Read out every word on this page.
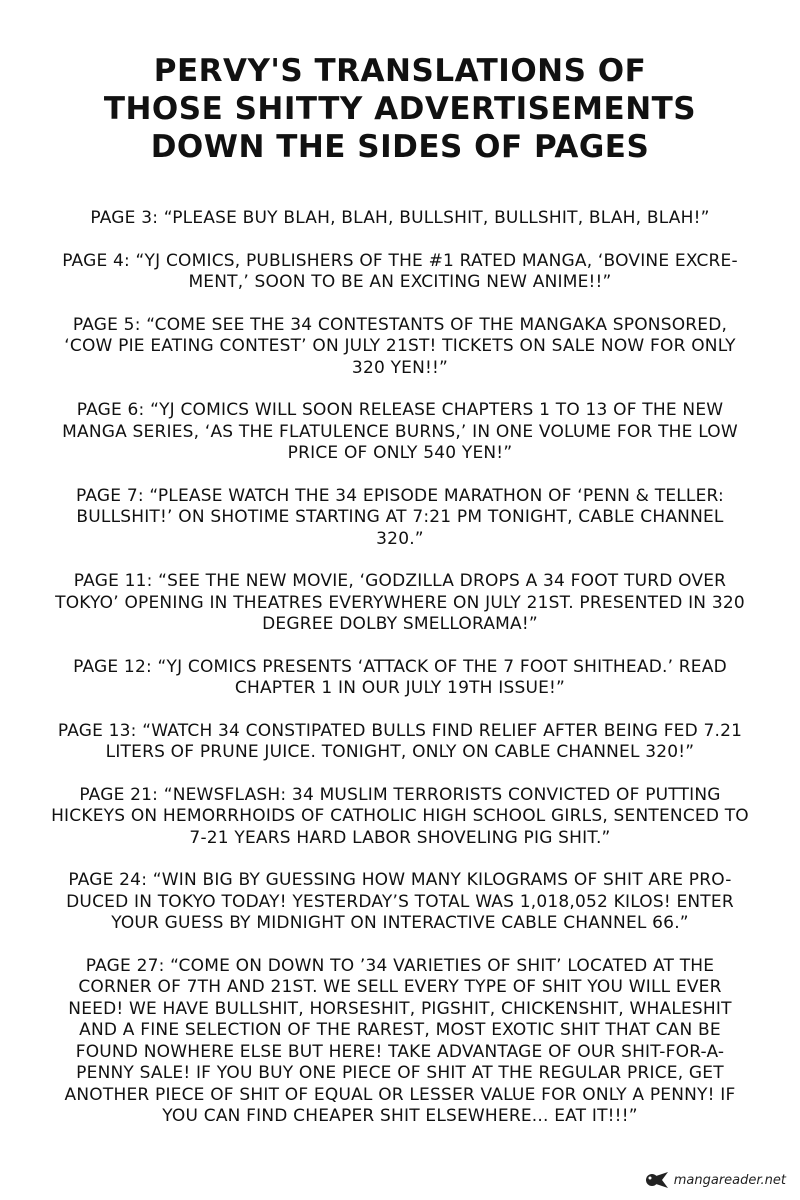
PERVY'S TRANSLATIONS OF THOSE SHITTY ADVERTISEMENTS DOWN THE SIDES OF PAGES

PAGE 3: “PLEASE BUY BLAH, BLAH, BULLSHIT, BULLSHIT, BLAH, BLAH!”

PAGE 4: “YJ COMICS, PUBLISHERS OF THE #1 RATED MANGA, ‘BOVINE EXCRE-MENT,’ SOON TO BE AN EXCITING NEW ANIME!!”

PAGE 5: “COME SEE THE 34 CONTESTANTS OF THE MANGAKA SPONSORED, ‘COW PIE EATING CONTEST’ ON JULY 21ST! TICKETS ON SALE NOW FOR ONLY 320 YEN!!”

PAGE 6: “YJ COMICS WILL SOON RELEASE CHAPTERS 1 TO 13 OF THE NEW MANGA SERIES, ‘AS THE FLATULENCE BURNS,’ IN ONE VOLUME FOR THE LOW PRICE OF ONLY 540 YEN!”

PAGE 7: “PLEASE WATCH THE 34 EPISODE MARATHON OF ‘PENN & TELLER: BULLSHIT!’ ON SHOTIME STARTING AT 7:21 PM TONIGHT, CABLE CHANNEL 320.”

PAGE 11: “SEE THE NEW MOVIE, ‘GODZILLA DROPS A 34 FOOT TURD OVER TOKYO’ OPENING IN THEATRES EVERYWHERE ON JULY 21ST. PRESENTED IN 320 DEGREE DOLBY SMELLORAMA!”

PAGE 12: “YJ COMICS PRESENTS ‘ATTACK OF THE 7 FOOT SHITHEAD.’ READ CHAPTER 1 IN OUR JULY 19TH ISSUE!”

PAGE 13: “WATCH 34 CONSTIPATED BULLS FIND RELIEF AFTER BEING FED 7.21 LITERS OF PRUNE JUICE. TONIGHT, ONLY ON CABLE CHANNEL 320!”

PAGE 21: “NEWSFLASH: 34 MUSLIM TERRORISTS CONVICTED OF PUTTING HICKEYS ON HEMORRHOIDS OF CATHOLIC HIGH SCHOOL GIRLS, SENTENCED TO 7-21 YEARS HARD LABOR SHOVELING PIG SHIT.”

PAGE 24: “WIN BIG BY GUESSING HOW MANY KILOGRAMS OF SHIT ARE PRO-DUCED IN TOKYO TODAY! YESTERDAY’S TOTAL WAS 1,018,052 KILOS! ENTER YOUR GUESS BY MIDNIGHT ON INTERACTIVE CABLE CHANNEL 66.”

PAGE 27: “COME ON DOWN TO ’34 VARIETIES OF SHIT’ LOCATED AT THE CORNER OF 7TH AND 21ST. WE SELL EVERY TYPE OF SHIT YOU WILL EVER NEED! WE HAVE BULLSHIT, HORSESHIT, PIGSHIT, CHICKENSHIT, WHALESHIT AND A FINE SELECTION OF THE RAREST, MOST EXOTIC SHIT THAT CAN BE FOUND NOWHERE ELSE BUT HERE! TAKE ADVANTAGE OF OUR SHIT-FOR-A-PENNY SALE! IF YOU BUY ONE PIECE OF SHIT AT THE REGULAR PRICE, GET ANOTHER PIECE OF SHIT OF EQUAL OR LESSER VALUE FOR ONLY A PENNY! IF YOU CAN FIND CHEAPER SHIT ELSEWHERE... EAT IT!!!”

mangareader.net
